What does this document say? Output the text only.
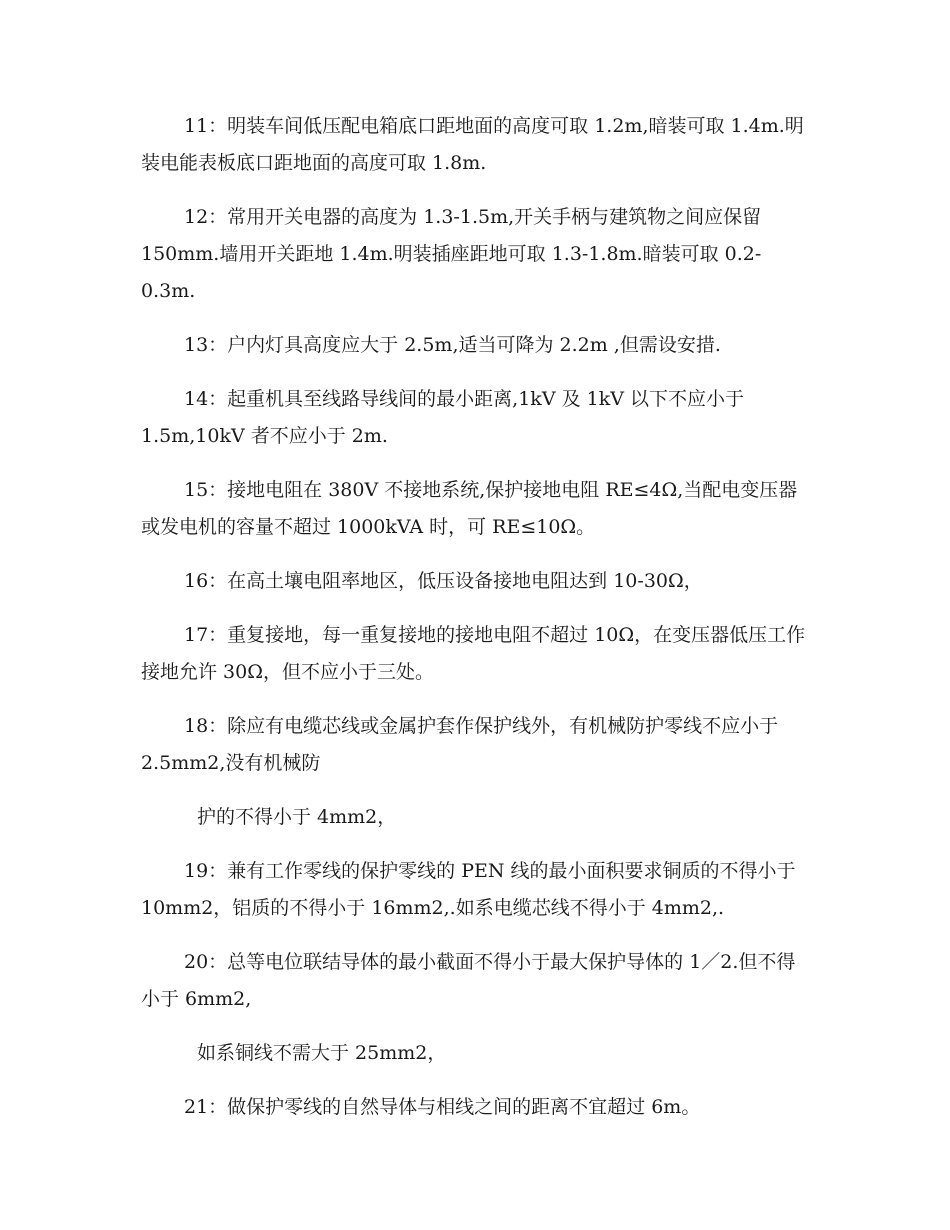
11：明装车间低压配电箱底口距地面的高度可取 1.2m,暗装可取 1.4m.明装电能表板底口距地面的高度可取 1.8m.

12：常用开关电器的高度为 1.3-1.5m,开关手柄与建筑物之间应保留 150mm.墙用开关距地 1.4m.明装插座距地可取 1.3-1.8m.暗装可取 0.2-0.3m.

13：户内灯具高度应大于 2.5m,适当可降为 2.2m ,但需设安措.

14：起重机具至线路导线间的最小距离,1kV 及 1kV 以下不应小于 1.5m,10kV 者不应小于 2m.

15：接地电阻在 380V 不接地系统,保护接地电阻 RE≤4Ω,当配电变压器或发电机的容量不超过 1000kVA 时，可 RE≤10Ω。

16：在高土壤电阻率地区，低压设备接地电阻达到 10-30Ω，

17：重复接地，每一重复接地的接地电阻不超过 10Ω，在变压器低压工作接地允许 30Ω，但不应小于三处。

18：除应有电缆芯线或金属护套作保护线外，有机械防护零线不应小于 2.5mm2,没有机械防

护的不得小于 4mm2，

19：兼有工作零线的保护零线的 PEN 线的最小面积要求铜质的不得小于 10mm2，铝质的不得小于 16mm2,.如系电缆芯线不得小于 4mm2,.

20：总等电位联结导体的最小截面不得小于最大保护导体的 1／2.但不得小于 6mm2,

如系铜线不需大于 25mm2，

21：做保护零线的自然导体与相线之间的距离不宜超过 6m。
